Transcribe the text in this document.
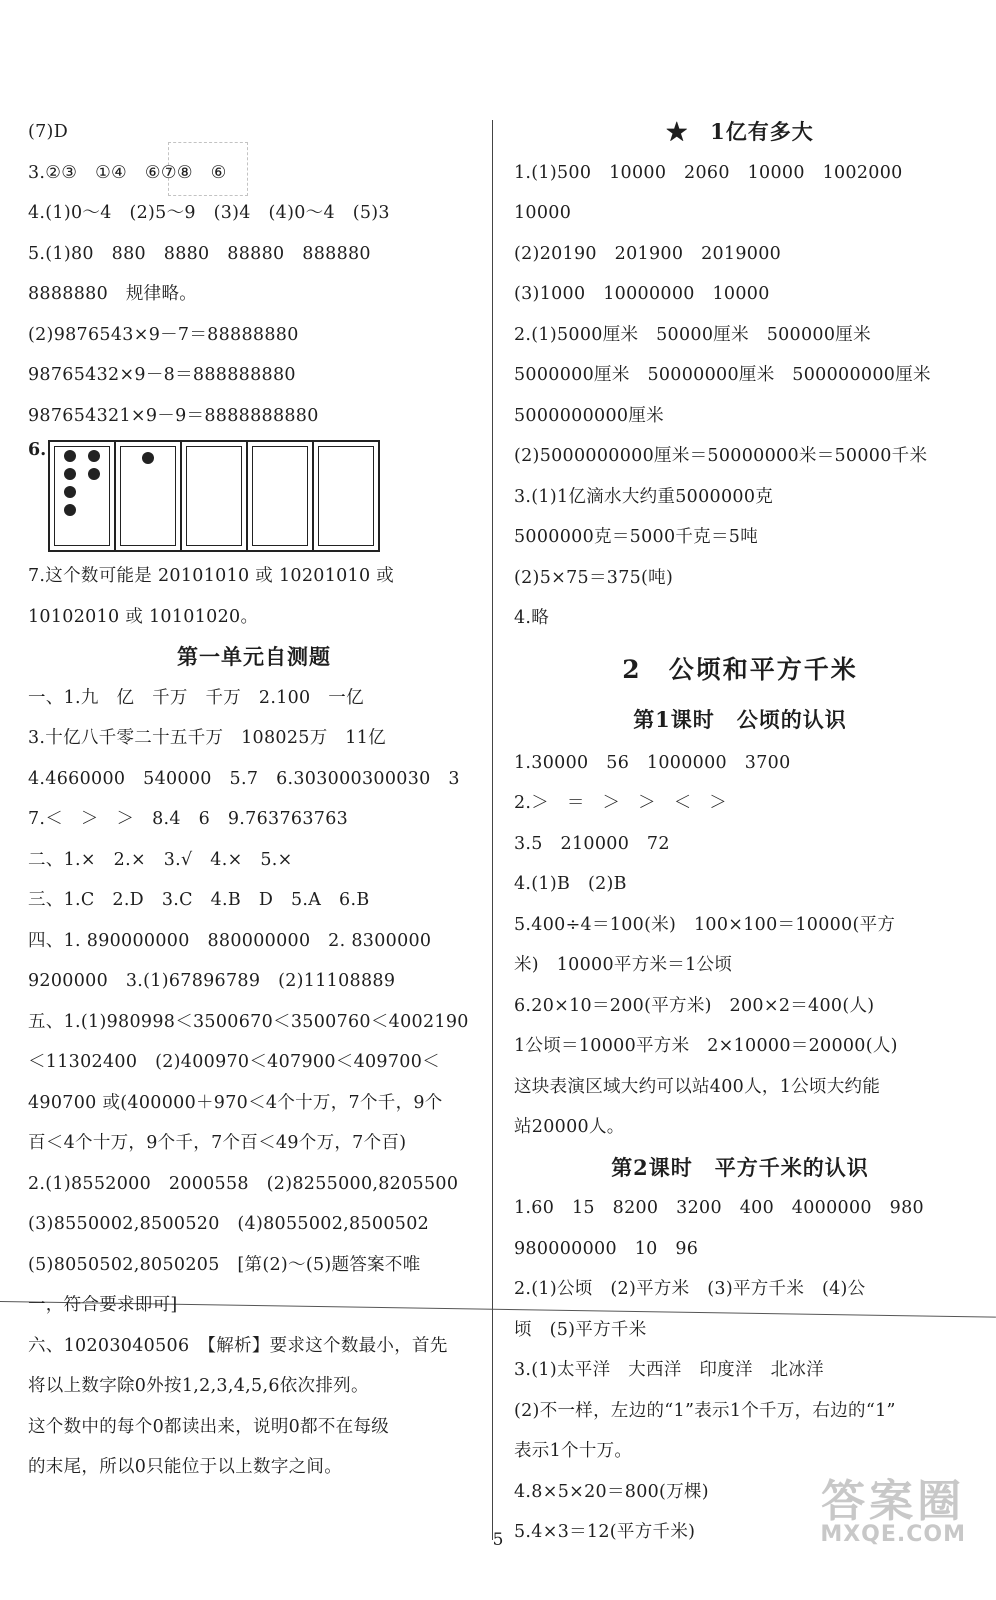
(7)D
3.②③　①④　⑥⑦⑧　⑥
4.(1)0～4　(2)5～9　(3)4　(4)0～4　(5)3
5.(1)80　880　8880　88880　888880
8888880　规律略。
(2)9876543×9－7＝88888880
98765432×9－8＝888888880
987654321×9－9＝8888888880
6.
7.这个数可能是 20101010 或 10201010 或
10102010 或 10101020。
第一单元自测题
一、1.九　亿　千万　千万　2.100　一亿
3.十亿八千零二十五千万　108025万　11亿
4.4660000　540000　5.7　6.303000300030　3
7.＜　＞　＞　8.4　6　9.763763763
二、1.×　2.×　3.√　4.×　5.×
三、1.C　2.D　3.C　4.B　D　5.A　6.B
四、1. 890000000　880000000　2. 8300000
9200000　3.(1)67896789　(2)11108889
五、1.(1)980998＜3500670＜3500760＜4002190
＜11302400　(2)400970＜407900＜409700＜
490700 或(400000＋970＜4个十万，7个千，9个
百＜4个十万，9个千，7个百＜49个万，7个百)
2.(1)8552000　2000558　(2)8255000,8205500
(3)8550002,8500520　(4)8055002,8500502
(5)8050502,8050205　[第(2)～(5)题答案不唯
一，符合要求即可]
六、10203040506　【解析】要求这个数最小，首先
将以上数字除0外按1,2,3,4,5,6依次排列。
这个数中的每个0都读出来，说明0都不在每级
的末尾，所以0只能位于以上数字之间。
★　1亿有多大
1.(1)500　10000　2060　10000　1002000
10000
(2)20190　201900　2019000
(3)1000　10000000　10000
2.(1)5000厘米　50000厘米　500000厘米
5000000厘米　50000000厘米　500000000厘米
5000000000厘米
(2)5000000000厘米＝50000000米＝50000千米
3.(1)1亿滴水大约重5000000克
5000000克＝5000千克＝5吨
(2)5×75＝375(吨)
4.略
2　公顷和平方千米
第1课时　公顷的认识
1.30000　56　1000000　3700
2.＞　＝　＞　＞　＜　＞
3.5　210000　72
4.(1)B　(2)B
5.400÷4＝100(米)　100×100＝10000(平方
米)　10000平方米＝1公顷
6.20×10＝200(平方米)　200×2＝400(人)
1公顷＝10000平方米　2×10000＝20000(人)
这块表演区域大约可以站400人，1公顷大约能
站20000人。
第2课时　平方千米的认识
1.60　15　8200　3200　400　4000000　980
980000000　10　96
2.(1)公顷　(2)平方米　(3)平方千米　(4)公
顷　(5)平方千米
3.(1)太平洋　大西洋　印度洋　北冰洋
(2)不一样，左边的“1”表示1个千万，右边的“1”
表示1个十万。
4.8×5×20＝800(万棵)
5.4×3＝12(平方千米)
5
答案圈
MXQE.COM
